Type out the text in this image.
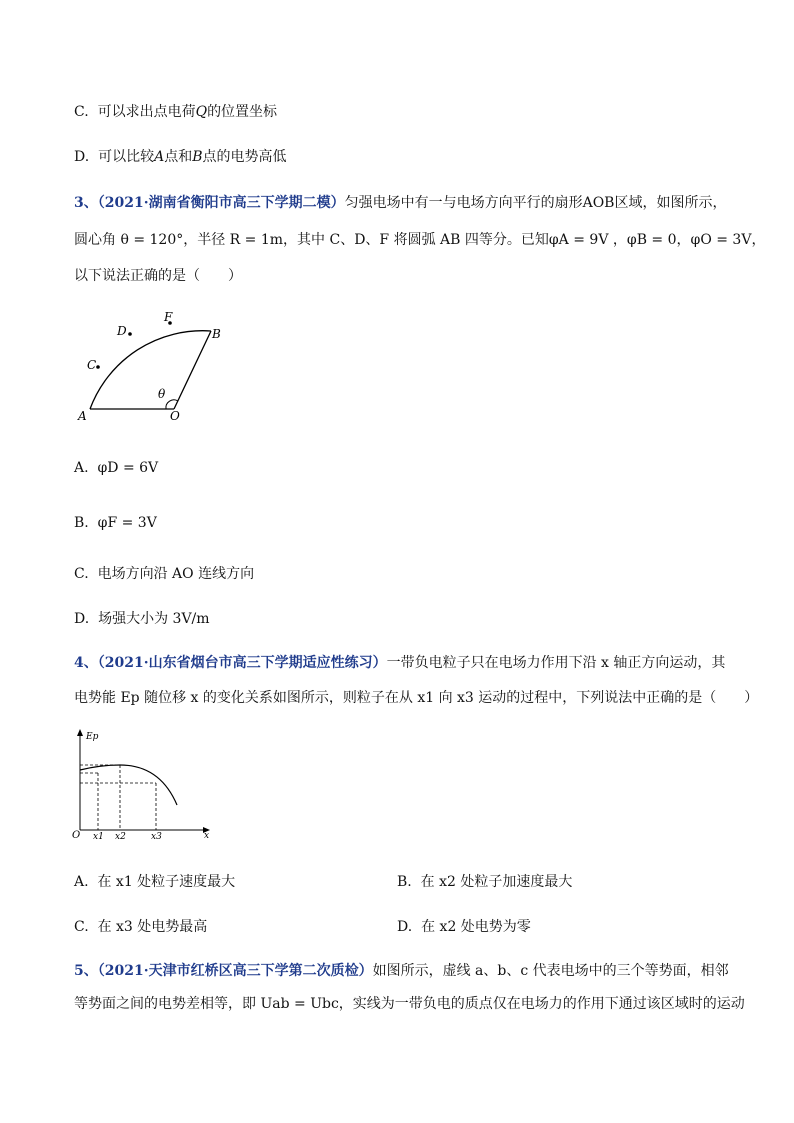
C. 可以求出点电荷Q的位置坐标
D. 可以比较A点和B点的电势高低
3、（2021·湖南省衡阳市高三下学期二模）匀强电场中有一与电场方向平行的扇形AOB区域，如图所示，
圆心角 θ = 120°，半径 R = 1m，其中 C、D、F 将圆弧 AB 四等分。已知φA = 9V ，φB = 0，φO = 3V，
以下说法正确的是（　　）
A	O
B
C
D
F
θ
A. φD = 6V
B. φF = 3V
C. 电场方向沿 AO 连线方向
D. 场强大小为 3V/m
4、（2021·山东省烟台市高三下学期适应性练习）一带负电粒子只在电场力作用下沿 x 轴正方向运动，其
电势能 Ep 随位移 x 的变化关系如图所示，则粒子在从 x1 向 x3 运动的过程中，下列说法中正确的是（　　）
Ep
x
O x1 x2	x3
A. 在 x1 处粒子速度最大	B. 在 x2 处粒子加速度最大
C. 在 x3 处电势最高	D. 在 x2 处电势为零
5、（2021·天津市红桥区高三下学第二次质检）如图所示，虚线 a、b、c 代表电场中的三个等势面，相邻
等势面之间的电势差相等，即 Uab = Ubc，实线为一带负电的质点仅在电场力的作用下通过该区域时的运动
